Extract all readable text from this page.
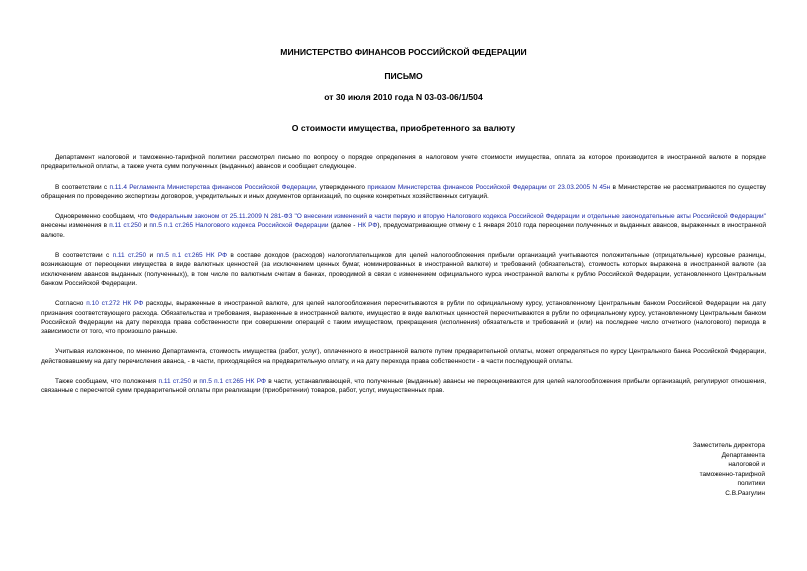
МИНИСТЕРСТВО ФИНАНСОВ РОССИЙСКОЙ ФЕДЕРАЦИИ
ПИСЬМО
от 30 июля 2010 года N 03-03-06/1/504
О стоимости имущества, приобретенного за валюту

Департамент налоговой и таможенно-тарифной политики рассмотрел письмо по вопросу о порядке определения в налоговом учете стоимости имущества, оплата за которое производится в иностранной валюте в порядке предварительной оплаты, а также учета сумм полученных (выданных) авансов и сообщает следующее.

В соответствии с п.11.4 Регламента Министерства финансов Российской Федерации, утвержденного приказом Министерства финансов Российской Федерации от 23.03.2005 N 45н в Министерстве не рассматриваются по существу обращения по проведению экспертизы договоров, учредительных и иных документов организаций, по оценке конкретных хозяйственных ситуаций.

Одновременно сообщаем, что Федеральным законом от 25.11.2009 N 281-ФЗ "О внесении изменений в части первую и вторую Налогового кодекса Российской Федерации и отдельные законодательные акты Российской Федерации" внесены изменения в п.11 ст.250 и пп.5 п.1 ст.265 Налогового кодекса Российской Федерации (далее - НК РФ), предусматривающие отмену с 1 января 2010 года переоценки полученных и выданных авансов, выраженных в иностранной валюте.

В соответствии с п.11 ст.250 и пп.5 п.1 ст.265 НК РФ в составе доходов (расходов) налогоплательщиков для целей налогообложения прибыли организаций учитываются положительные (отрицательные) курсовые разницы, возникающие от переоценки имущества в виде валютных ценностей (за исключением ценных бумаг, номинированных в иностранной валюте) и требований (обязательств), стоимость которых выражена в иностранной валюте (за исключением авансов выданных (полученных)), в том числе по валютным счетам в банках, проводимой в связи с изменением официального курса иностранной валюты к рублю Российской Федерации, установленного Центральным банком Российской Федерации.

Согласно п.10 ст.272 НК РФ расходы, выраженные в иностранной валюте, для целей налогообложения пересчитываются в рубли по официальному курсу, установленному Центральным банком Российской Федерации на дату признания соответствующего расхода. Обязательства и требования, выраженные в иностранной валюте, имущество в виде валютных ценностей пересчитываются в рубли по официальному курсу, установленному Центральным банком Российской Федерации на дату перехода права собственности при совершении операций с таким имуществом, прекращения (исполнения) обязательств и требований и (или) на последнее число отчетного (налогового) периода в зависимости от того, что произошло раньше.

Учитывая изложенное, по мнению Департамента, стоимость имущества (работ, услуг), оплаченного в иностранной валюте путем предварительной оплаты, может определяться по курсу Центрального банка Российской Федерации, действовавшему на дату перечисления аванса, - в части, приходящейся на предварительную оплату, и на дату перехода права собственности - в части последующей оплаты.

Также сообщаем, что положения п.11 ст.250 и пп.5 п.1 ст.265 НК РФ в части, устанавливающей, что полученные (выданные) авансы не переоцениваются для целей налогообложения прибыли организаций, регулируют отношения, связанные с пересчетой сумм предварительной оплаты при реализации (приобретении) товаров, работ, услуг, имущественных прав.

Заместитель директора
Департамента
налоговой и
таможенно-тарифной
политики
С.В.Разгулин
